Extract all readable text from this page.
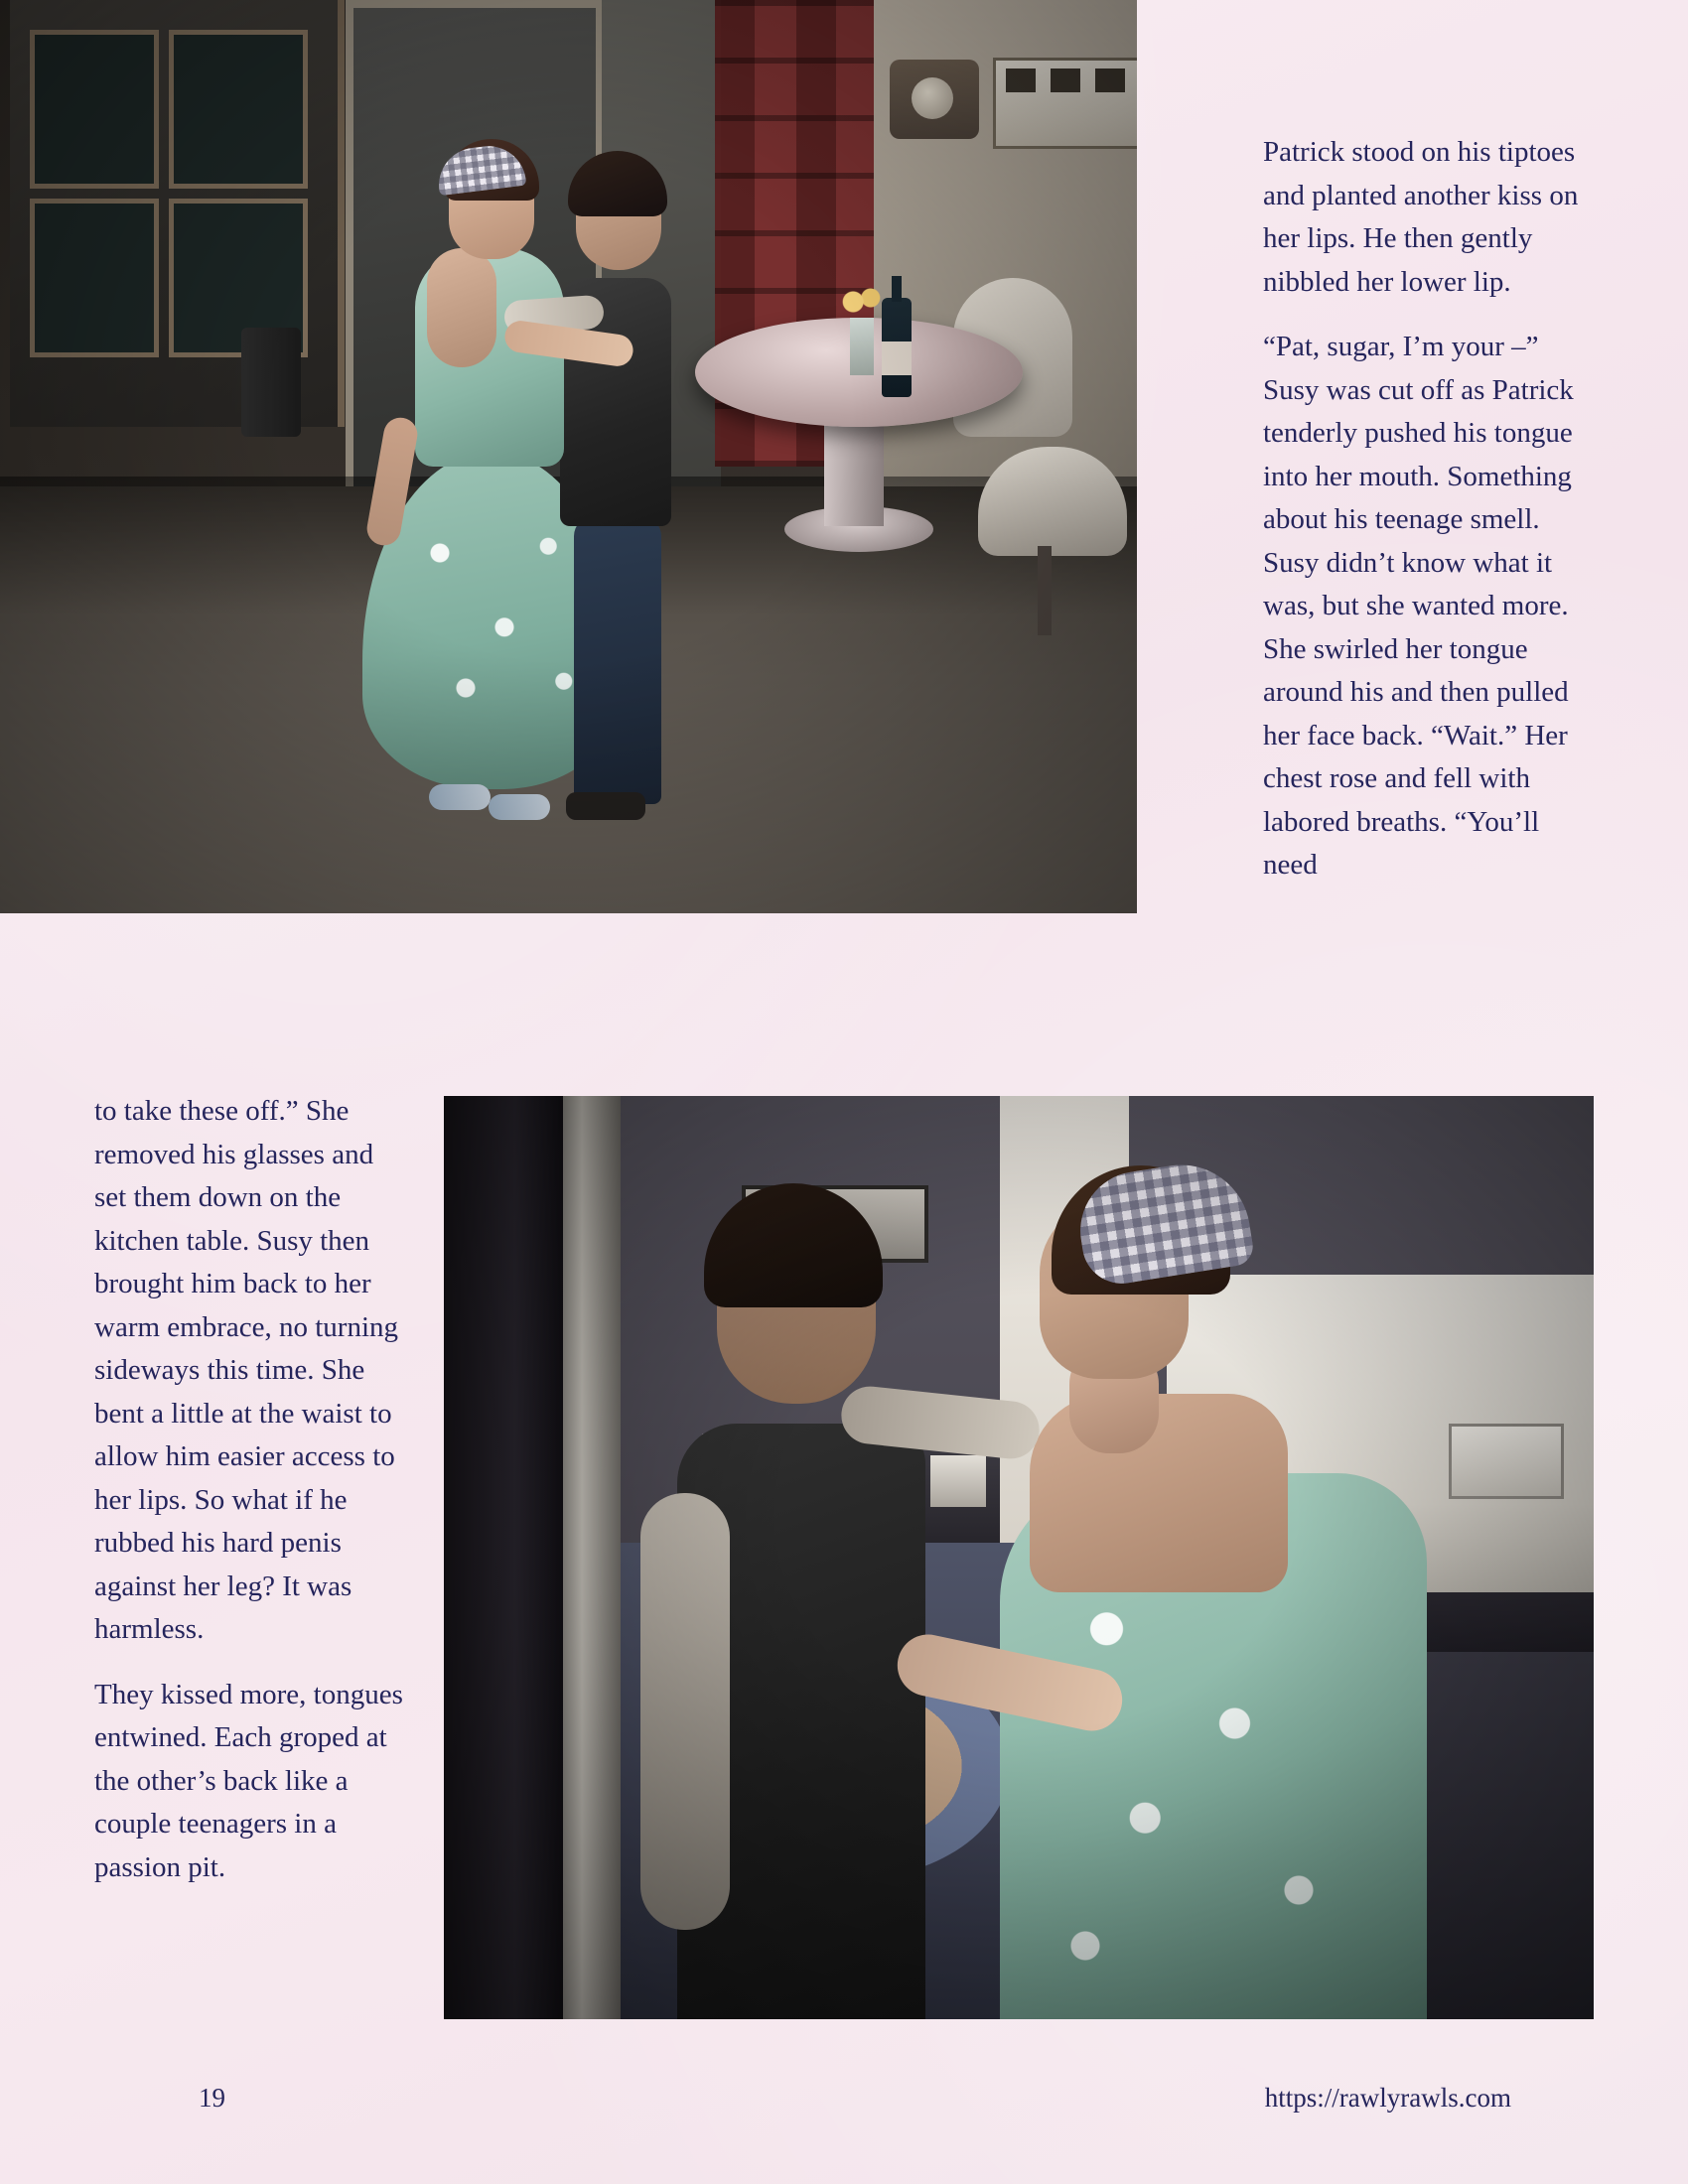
Patrick stood on his tiptoes and planted another kiss on her lips. He then gently nibbled her lower lip.

“Pat, sugar, I’m your –” Susy was cut off as Patrick tenderly pushed his tongue into her mouth. Something about his teenage smell. Susy didn’t know what it was, but she wanted more. She swirled her tongue around his and then pulled her face back. “Wait.” Her chest rose and fell with labored breaths. “You’ll need

to take these off.” She removed his glasses and set them down on the kitchen table. Susy then brought him back to her warm embrace, no turning sideways this time. She bent a little at the waist to allow him easier access to her lips. So what if he rubbed his hard penis against her leg? It was harmless.

They kissed more, tongues entwined. Each groped at the other’s back like a couple teenagers in a passion pit.

19	https://rawlyrawls.com
